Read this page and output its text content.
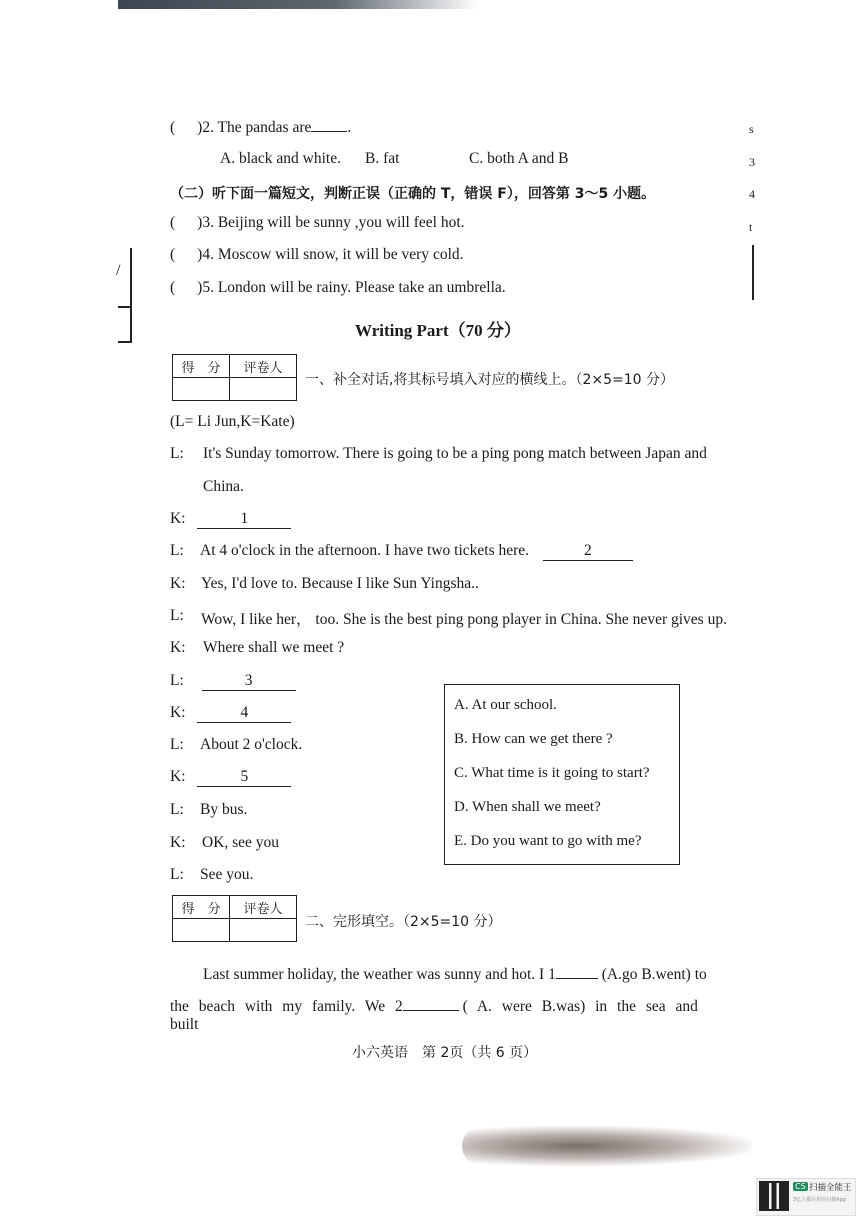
s
3
4
t
/
( )2. The pandas are .
A. black and white. B. fat	C. both A and B
（二）听下面一篇短文，判断正误（正确的 T，错误 F），回答第 3～5 小题。
( )3. Beijing will be sunny ,you will feel hot.
( )4. Moscow will snow, it will be very cold.
( )5. London will be rainy. Please take an umbrella.
Writing Part（70 分）
得　分	评卷人

一、补全对话,将其标号填入对应的横线上。（2×5=10 分）
(L= Li Jun,K=Kate)
L: It's Sunday tomorrow. There is going to be a ping pong match between Japan and
China.
K:	1
L: At 4 o'clock in the afternoon. I have two tickets here.	2
K: Yes, I'd love to. Because I like Sun Yingsha..
L: Wow, I like her， too. She is the best ping pong player in China. She never gives up.
K: Where shall we meet ?
L:	3
K:	4
L: About 2 o'clock.
K:	5
L: By bus.
K: OK, see you
L: See you.
A. At our school.
B. How can we get there ?
C. What time is it going to start?
D. When shall we meet?
E. Do you want to go with me?
得　分	评卷人

二、完形填空。（2×5=10 分）
Last summer holiday, the weather was sunny and hot. I 1	(A.go B.went) to
the beach with my family. We 2	( A. were B.was) in the sea and built
小六英语　第 2页（共 6 页）
CS 扫描全能王
3亿人都在用的扫描App
